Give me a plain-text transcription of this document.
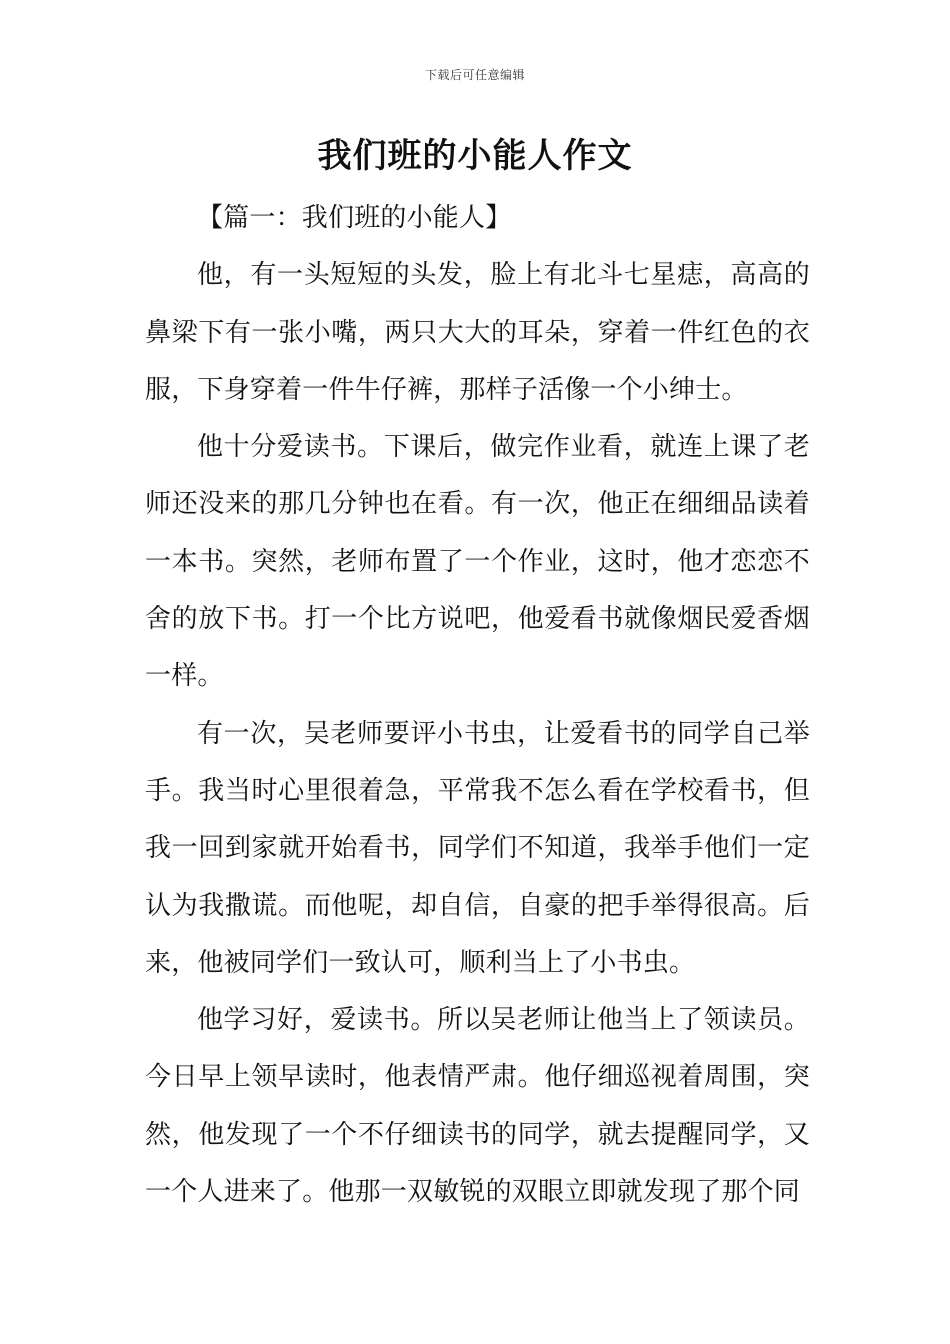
下载后可任意编辑
我们班的小能人作文

【篇一：我们班的小能人】

他，有一头短短的头发，脸上有北斗七星痣，高高的鼻梁下有一张小嘴，两只大大的耳朵，穿着一件红色的衣服，下身穿着一件牛仔裤，那样子活像一个小绅士。

他十分爱读书。下课后，做完作业看，就连上课了老师还没来的那几分钟也在看。有一次，他正在细细品读着一本书。突然，老师布置了一个作业，这时，他才恋恋不舍的放下书。打一个比方说吧，他爱看书就像烟民爱香烟一样。

有一次，吴老师要评小书虫，让爱看书的同学自己举手。我当时心里很着急，平常我不怎么看在学校看书，但我一回到家就开始看书，同学们不知道，我举手他们一定认为我撒谎。而他呢，却自信，自豪的把手举得很高。后来，他被同学们一致认可，顺利当上了小书虫。

他学习好，爱读书。所以吴老师让他当上了领读员。今日早上领早读时，他表情严肃。他仔细巡视着周围，突然，他发现了一个不仔细读书的同学，就去提醒同学，又一个人进来了。他那一双敏锐的双眼立即就发现了那个同
